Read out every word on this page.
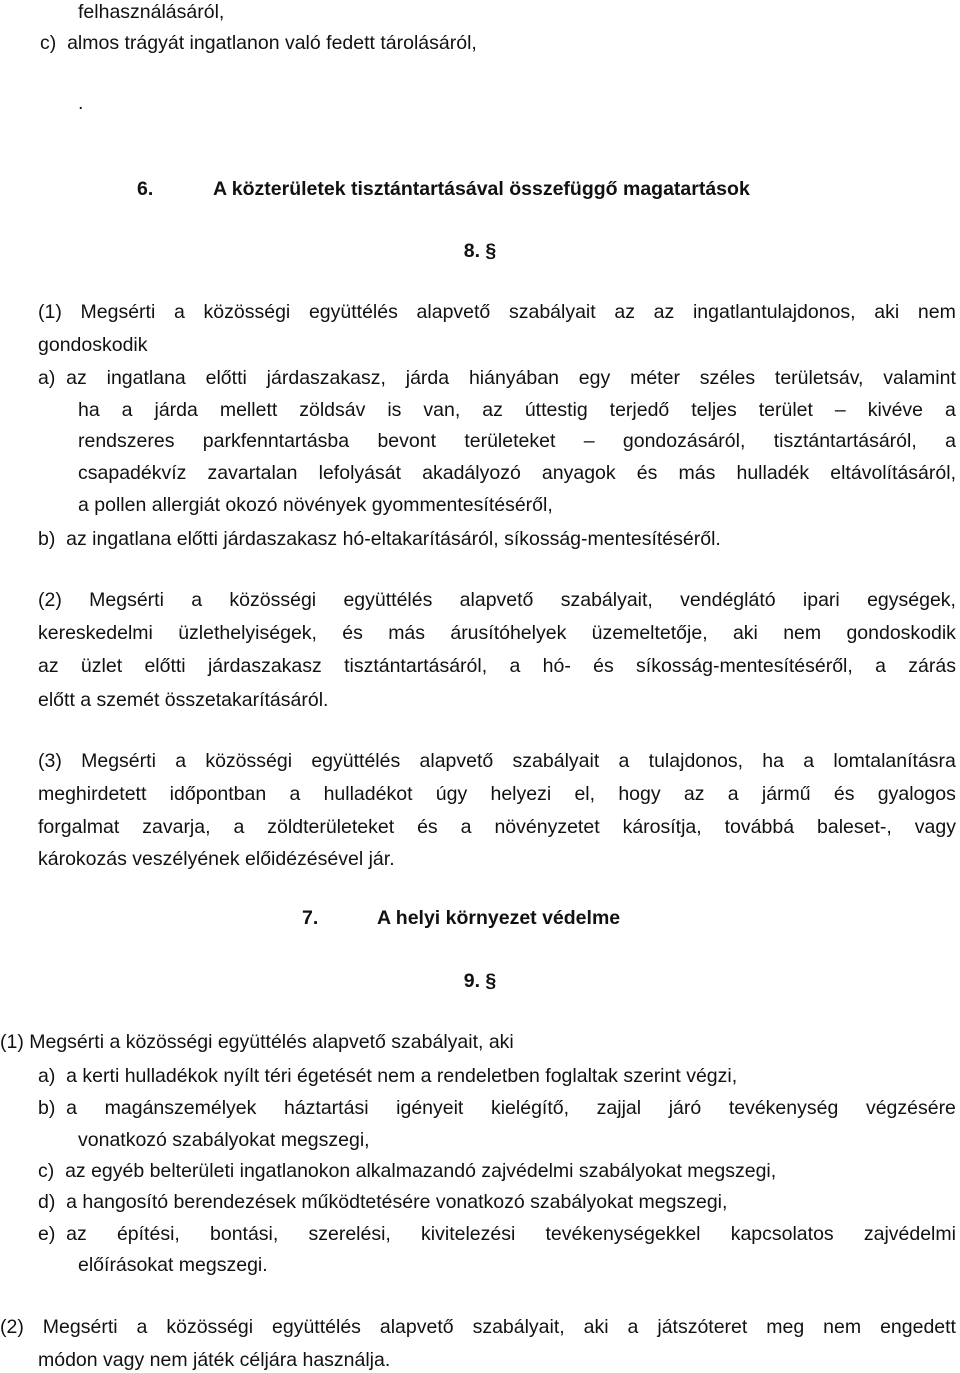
felhasználásáról,
c)  almos trágyát ingatlanon való fedett tárolásáról,
.
6.	A közterületek tisztántartásával összefüggő magatartások
8. §
(1) Megsérti a közösségi együttélés alapvető szabályait az az ingatlantulajdonos, aki nem
gondoskodik
a)  az ingatlana előtti járdaszakasz, járda hiányában egy méter széles területsáv, valamint
ha a járda mellett zöldsáv is van, az úttestig terjedő teljes terület – kivéve a
rendszeres parkfenntartásba bevont területeket – gondozásáról, tisztántartásáról, a
csapadékvíz zavartalan lefolyását akadályozó anyagok és más hulladék eltávolításáról,
a pollen allergiát okozó növények gyommentesítéséről,
b)  az ingatlana előtti járdaszakasz hó-eltakarításáról, síkosság-mentesítéséről.
(2) Megsérti a közösségi együttélés alapvető szabályait, vendéglátó ipari egységek,
kereskedelmi üzlethelyiségek, és más árusítóhelyek üzemeltetője, aki nem gondoskodik
az üzlet előtti járdaszakasz tisztántartásáról, a hó- és síkosság-mentesítéséről, a zárás
előtt a szemét összetakarításáról.
(3) Megsérti a közösségi együttélés alapvető szabályait a tulajdonos, ha a lomtalanításra
meghirdetett időpontban a hulladékot úgy helyezi el, hogy az a jármű és gyalogos
forgalmat zavarja, a zöldterületeket és a növényzetet károsítja, továbbá baleset-, vagy
károkozás veszélyének előidézésével jár.
7.	A helyi környezet védelme
9. §
(1) Megsérti a közösségi együttélés alapvető szabályait, aki
a)  a kerti hulladékok nyílt téri égetését nem a rendeletben foglaltak szerint végzi,
b)  a magánszemélyek háztartási igényeit kielégítő, zajjal járó tevékenység végzésére
vonatkozó szabályokat megszegi,
c)  az egyéb belterületi ingatlanokon alkalmazandó zajvédelmi szabályokat megszegi,
d)  a hangosító berendezések működtetésére vonatkozó szabályokat megszegi,
e)  az építési, bontási, szerelési, kivitelezési tevékenységekkel kapcsolatos zajvédelmi
előírásokat megszegi.
(2) Megsérti a közösségi együttélés alapvető szabályait, aki a játszóteret meg nem engedett
módon vagy nem játék céljára használja.
